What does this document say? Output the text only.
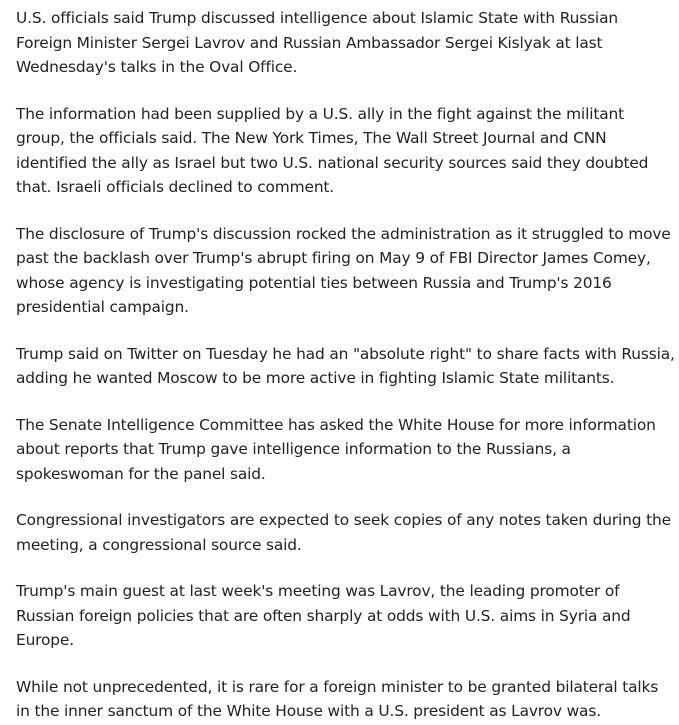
U.S. officials said Trump discussed intelligence about Islamic State with Russian Foreign Minister Sergei Lavrov and Russian Ambassador Sergei Kislyak at last Wednesday's talks in the Oval Office.

The information had been supplied by a U.S. ally in the fight against the militant group, the officials said. The New York Times, The Wall Street Journal and CNN identified the ally as Israel but two U.S. national security sources said they doubted that. Israeli officials declined to comment.

The disclosure of Trump's discussion rocked the administration as it struggled to move past the backlash over Trump's abrupt firing on May 9 of FBI Director James Comey, whose agency is investigating potential ties between Russia and Trump's 2016 presidential campaign.

Trump said on Twitter on Tuesday he had an "absolute right" to share facts with Russia, adding he wanted Moscow to be more active in fighting Islamic State militants.

The Senate Intelligence Committee has asked the White House for more information about reports that Trump gave intelligence information to the Russians, a spokeswoman for the panel said.

Congressional investigators are expected to seek copies of any notes taken during the meeting, a congressional source said.

Trump's main guest at last week's meeting was Lavrov, the leading promoter of Russian foreign policies that are often sharply at odds with U.S. aims in Syria and Europe.

While not unprecedented, it is rare for a foreign minister to be granted bilateral talks in the inner sanctum of the White House with a U.S. president as Lavrov was.
